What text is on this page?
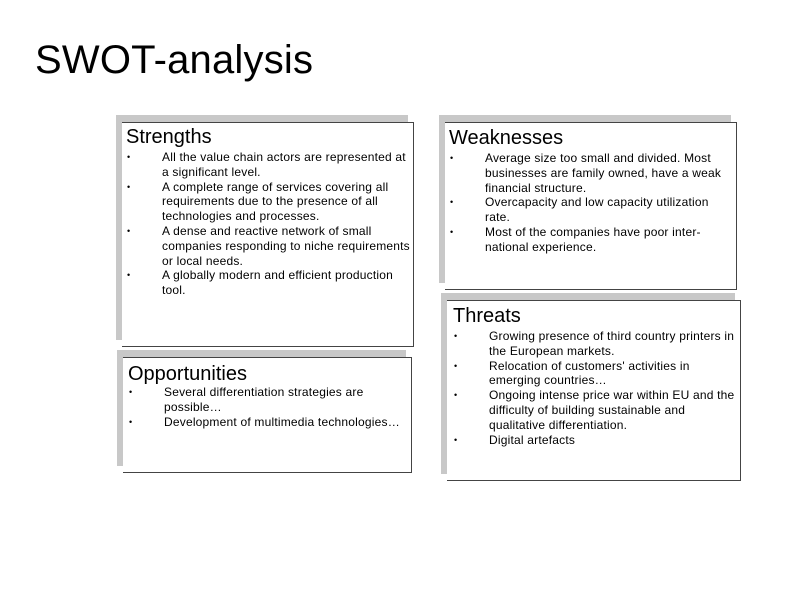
SWOT-analysis
Strengths
• All the value chain actors are represented at a significant level.
• A complete range of services covering all requirements due to the presence of all technologies and processes.
• A dense and reactive network of small companies responding to niche requirements or local needs.
• A globally modern and efficient production tool.
Weaknesses
• Average size too small and divided. Most businesses are family owned, have a weak financial structure.
• Overcapacity and low capacity utilization rate.
• Most of the companies have poor inter-national experience.
Threats
• Growing presence of third country printers in the European markets.
• Relocation of customers' activities in emerging countries…
• Ongoing intense price war within EU and the difficulty of building sustainable and qualitative differentiation.
• Digital artefacts
Opportunities
• Several differentiation strategies are possible…
• Development of multimedia technologies…
